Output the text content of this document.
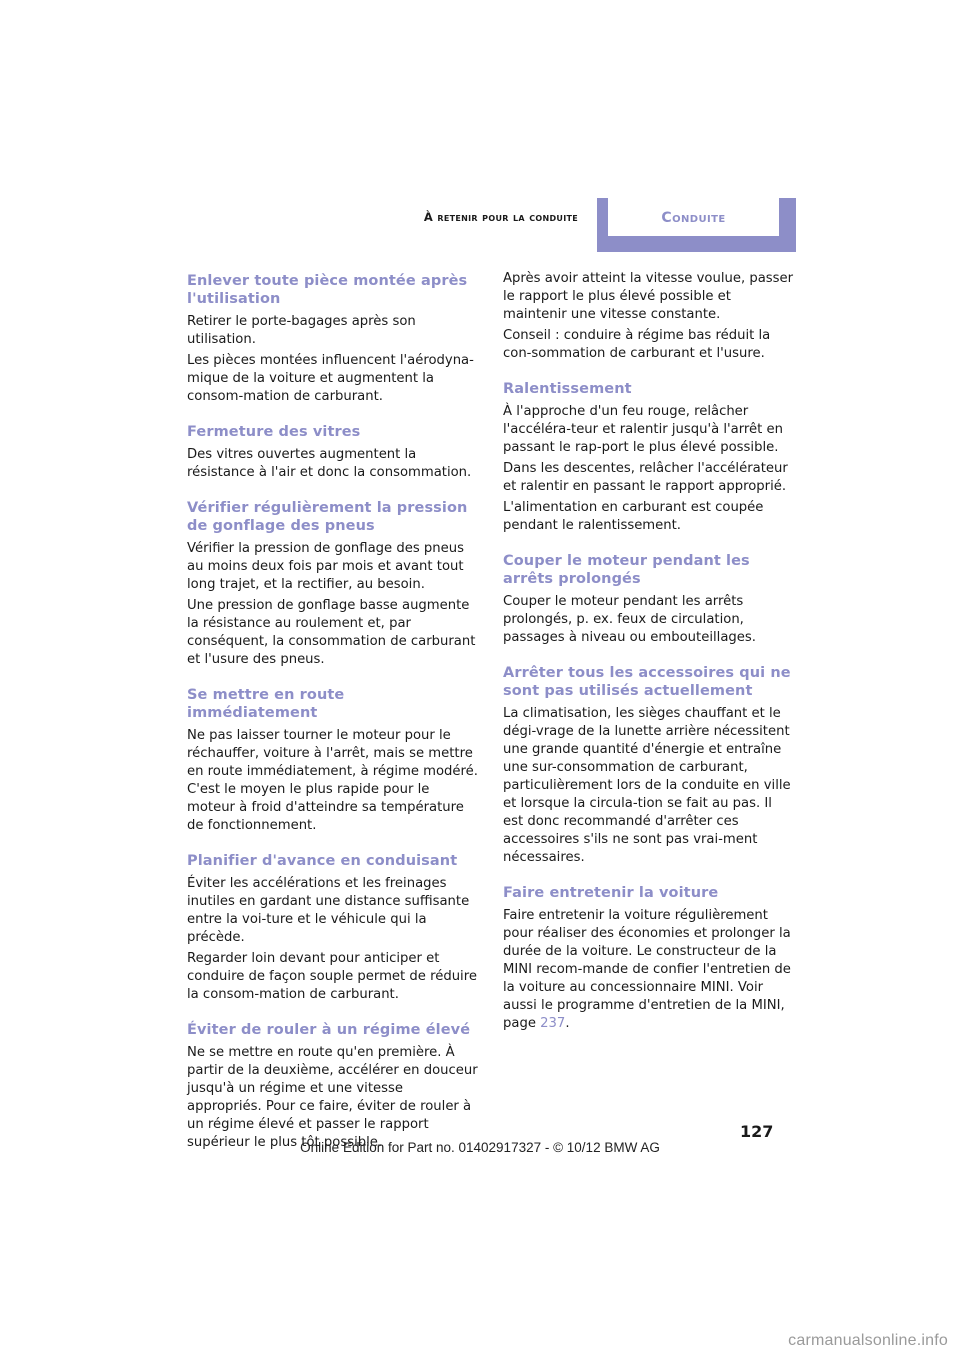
À retenir pour la conduite	Conduite
Enlever toute pièce montée après l'utilisation

Retirer le porte-bagages après son utilisation.

Les pièces montées influencent l'aérodyna-mique de la voiture et augmentent la consom-mation de carburant.

Fermeture des vitres

Des vitres ouvertes augmentent la résistance à l'air et donc la consommation.

Vérifier régulièrement la pression de gonflage des pneus

Vérifier la pression de gonflage des pneus au moins deux fois par mois et avant tout long trajet, et la rectifier, au besoin.

Une pression de gonflage basse augmente la résistance au roulement et, par conséquent, la consommation de carburant et l'usure des pneus.

Se mettre en route immédiatement

Ne pas laisser tourner le moteur pour le réchauffer, voiture à l'arrêt, mais se mettre en route immédiatement, à régime modéré. C'est le moyen le plus rapide pour le moteur à froid d'atteindre sa température de fonctionnement.

Planifier d'avance en conduisant

Éviter les accélérations et les freinages inutiles en gardant une distance suffisante entre la voi-ture et le véhicule qui la précède.

Regarder loin devant pour anticiper et conduire de façon souple permet de réduire la consom-mation de carburant.

Éviter de rouler à un régime élevé

Ne se mettre en route qu'en première. À partir de la deuxième, accélérer en douceur jusqu'à un régime et une vitesse appropriés. Pour ce faire, éviter de rouler à un régime élevé et passer le rapport supérieur le plus tôt possible.

Après avoir atteint la vitesse voulue, passer le rapport le plus élevé possible et maintenir une vitesse constante.

Conseil : conduire à régime bas réduit la con-sommation de carburant et l'usure.

Ralentissement

À l'approche d'un feu rouge, relâcher l'accéléra-teur et ralentir jusqu'à l'arrêt en passant le rap-port le plus élevé possible.

Dans les descentes, relâcher l'accélérateur et ralentir en passant le rapport approprié.

L'alimentation en carburant est coupée pendant le ralentissement.

Couper le moteur pendant les arrêts prolongés

Couper le moteur pendant les arrêts prolongés, p. ex. feux de circulation, passages à niveau ou embouteillages.

Arrêter tous les accessoires qui ne sont pas utilisés actuellement

La climatisation, les sièges chauffant et le dégi-vrage de la lunette arrière nécessitent une grande quantité d'énergie et entraîne une sur-consommation de carburant, particulièrement lors de la conduite en ville et lorsque la circula-tion se fait au pas. Il est donc recommandé d'arrêter ces accessoires s'ils ne sont pas vrai-ment nécessaires.

Faire entretenir la voiture

Faire entretenir la voiture régulièrement pour réaliser des économies et prolonger la durée de la voiture. Le constructeur de la MINI recom-mande de confier l'entretien de la voiture au concessionnaire MINI. Voir aussi le programme d'entretien de la MINI, page 237.

127
Online Edition for Part no. 01402917327 - © 10/12 BMW AG
carmanualsonline.info
